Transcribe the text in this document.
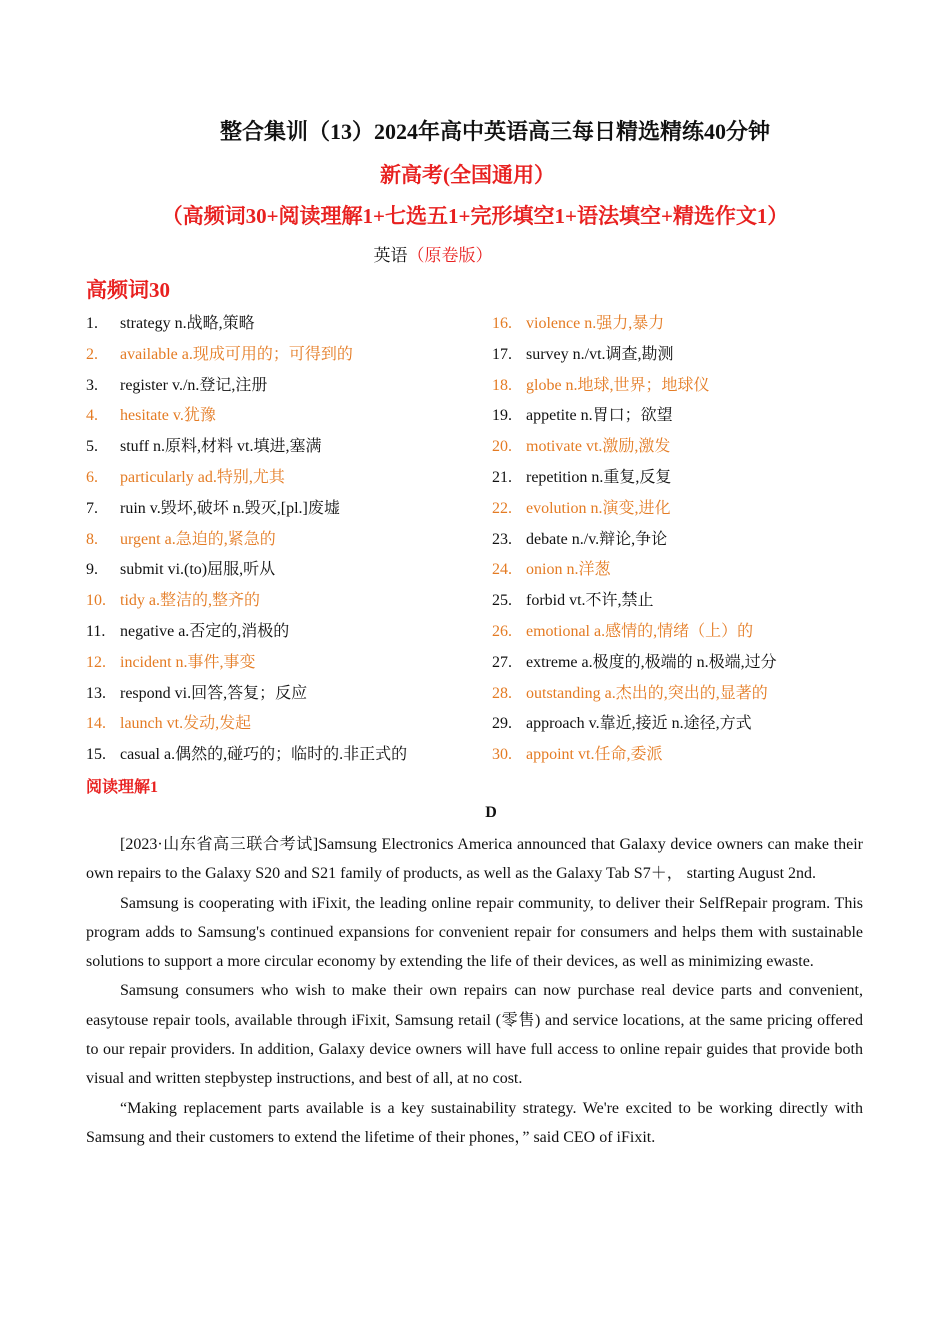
整合集训（13）2024年高中英语高三每日精选精练40分钟
新高考(全国通用）
（高频词30+阅读理解1+七选五1+完形填空1+语法填空+精选作文1）
英语（原卷版）
高频词30
1. strategy n.战略,策略
2. available a.现成可用的；可得到的
3. register v./n.登记,注册
4. hesitate v.犹豫
5. stuff n.原料,材料 vt.填进,塞满
6. particularly ad.特别,尤其
7. ruin v.毁坏,破坏 n.毁灭,[pl.]废墟
8. urgent a.急迫的,紧急的
9. submit vi.(to)屈服,听从
10. tidy a.整洁的,整齐的
11. negative a.否定的,消极的
12. incident n.事件,事变
13. respond vi.回答,答复；反应
14. launch vt.发动,发起
15. casual a.偶然的,碰巧的；临时的.非正式的
16. violence n.强力,暴力
17. survey n./vt.调查,勘测
18. globe n.地球,世界；地球仪
19. appetite n.胃口；欲望
20. motivate vt.激励,激发
21. repetition n.重复,反复
22. evolution n.演变,进化
23. debate n./v.辩论,争论
24. onion n.洋葱
25. forbid vt.不许,禁止
26. emotional a.感情的,情绪（上）的
27. extreme a.极度的,极端的 n.极端,过分
28. outstanding a.杰出的,突出的,显著的
29. approach v.靠近,接近 n.途径,方式
30. appoint vt.任命,委派
阅读理解1
D

[2023·山东省高三联合考试]Samsung Electronics America announced that Galaxy device owners can make their own repairs to the Galaxy S20 and S21 family of products, as well as the Galaxy Tab S7＋， starting August 2nd.

Samsung is cooperating with iFixit, the leading online repair community, to deliver their SelfRepair program. This program adds to Samsung's continued expansions for convenient repair for consumers and helps them with sustainable solutions to support a more circular economy by extending the life of their devices, as well as minimizing ewaste.

Samsung consumers who wish to make their own repairs can now purchase real device parts and convenient, easytouse repair tools, available through iFixit, Samsung retail (零售) and service locations, at the same pricing offered to our repair providers. In addition, Galaxy device owners will have full access to online repair guides that provide both visual and written stepbystep instructions, and best of all, at no cost.

“Making replacement parts available is a key sustainability strategy. We're excited to be working directly with Samsung and their customers to extend the lifetime of their phones，” said CEO of iFixit.
